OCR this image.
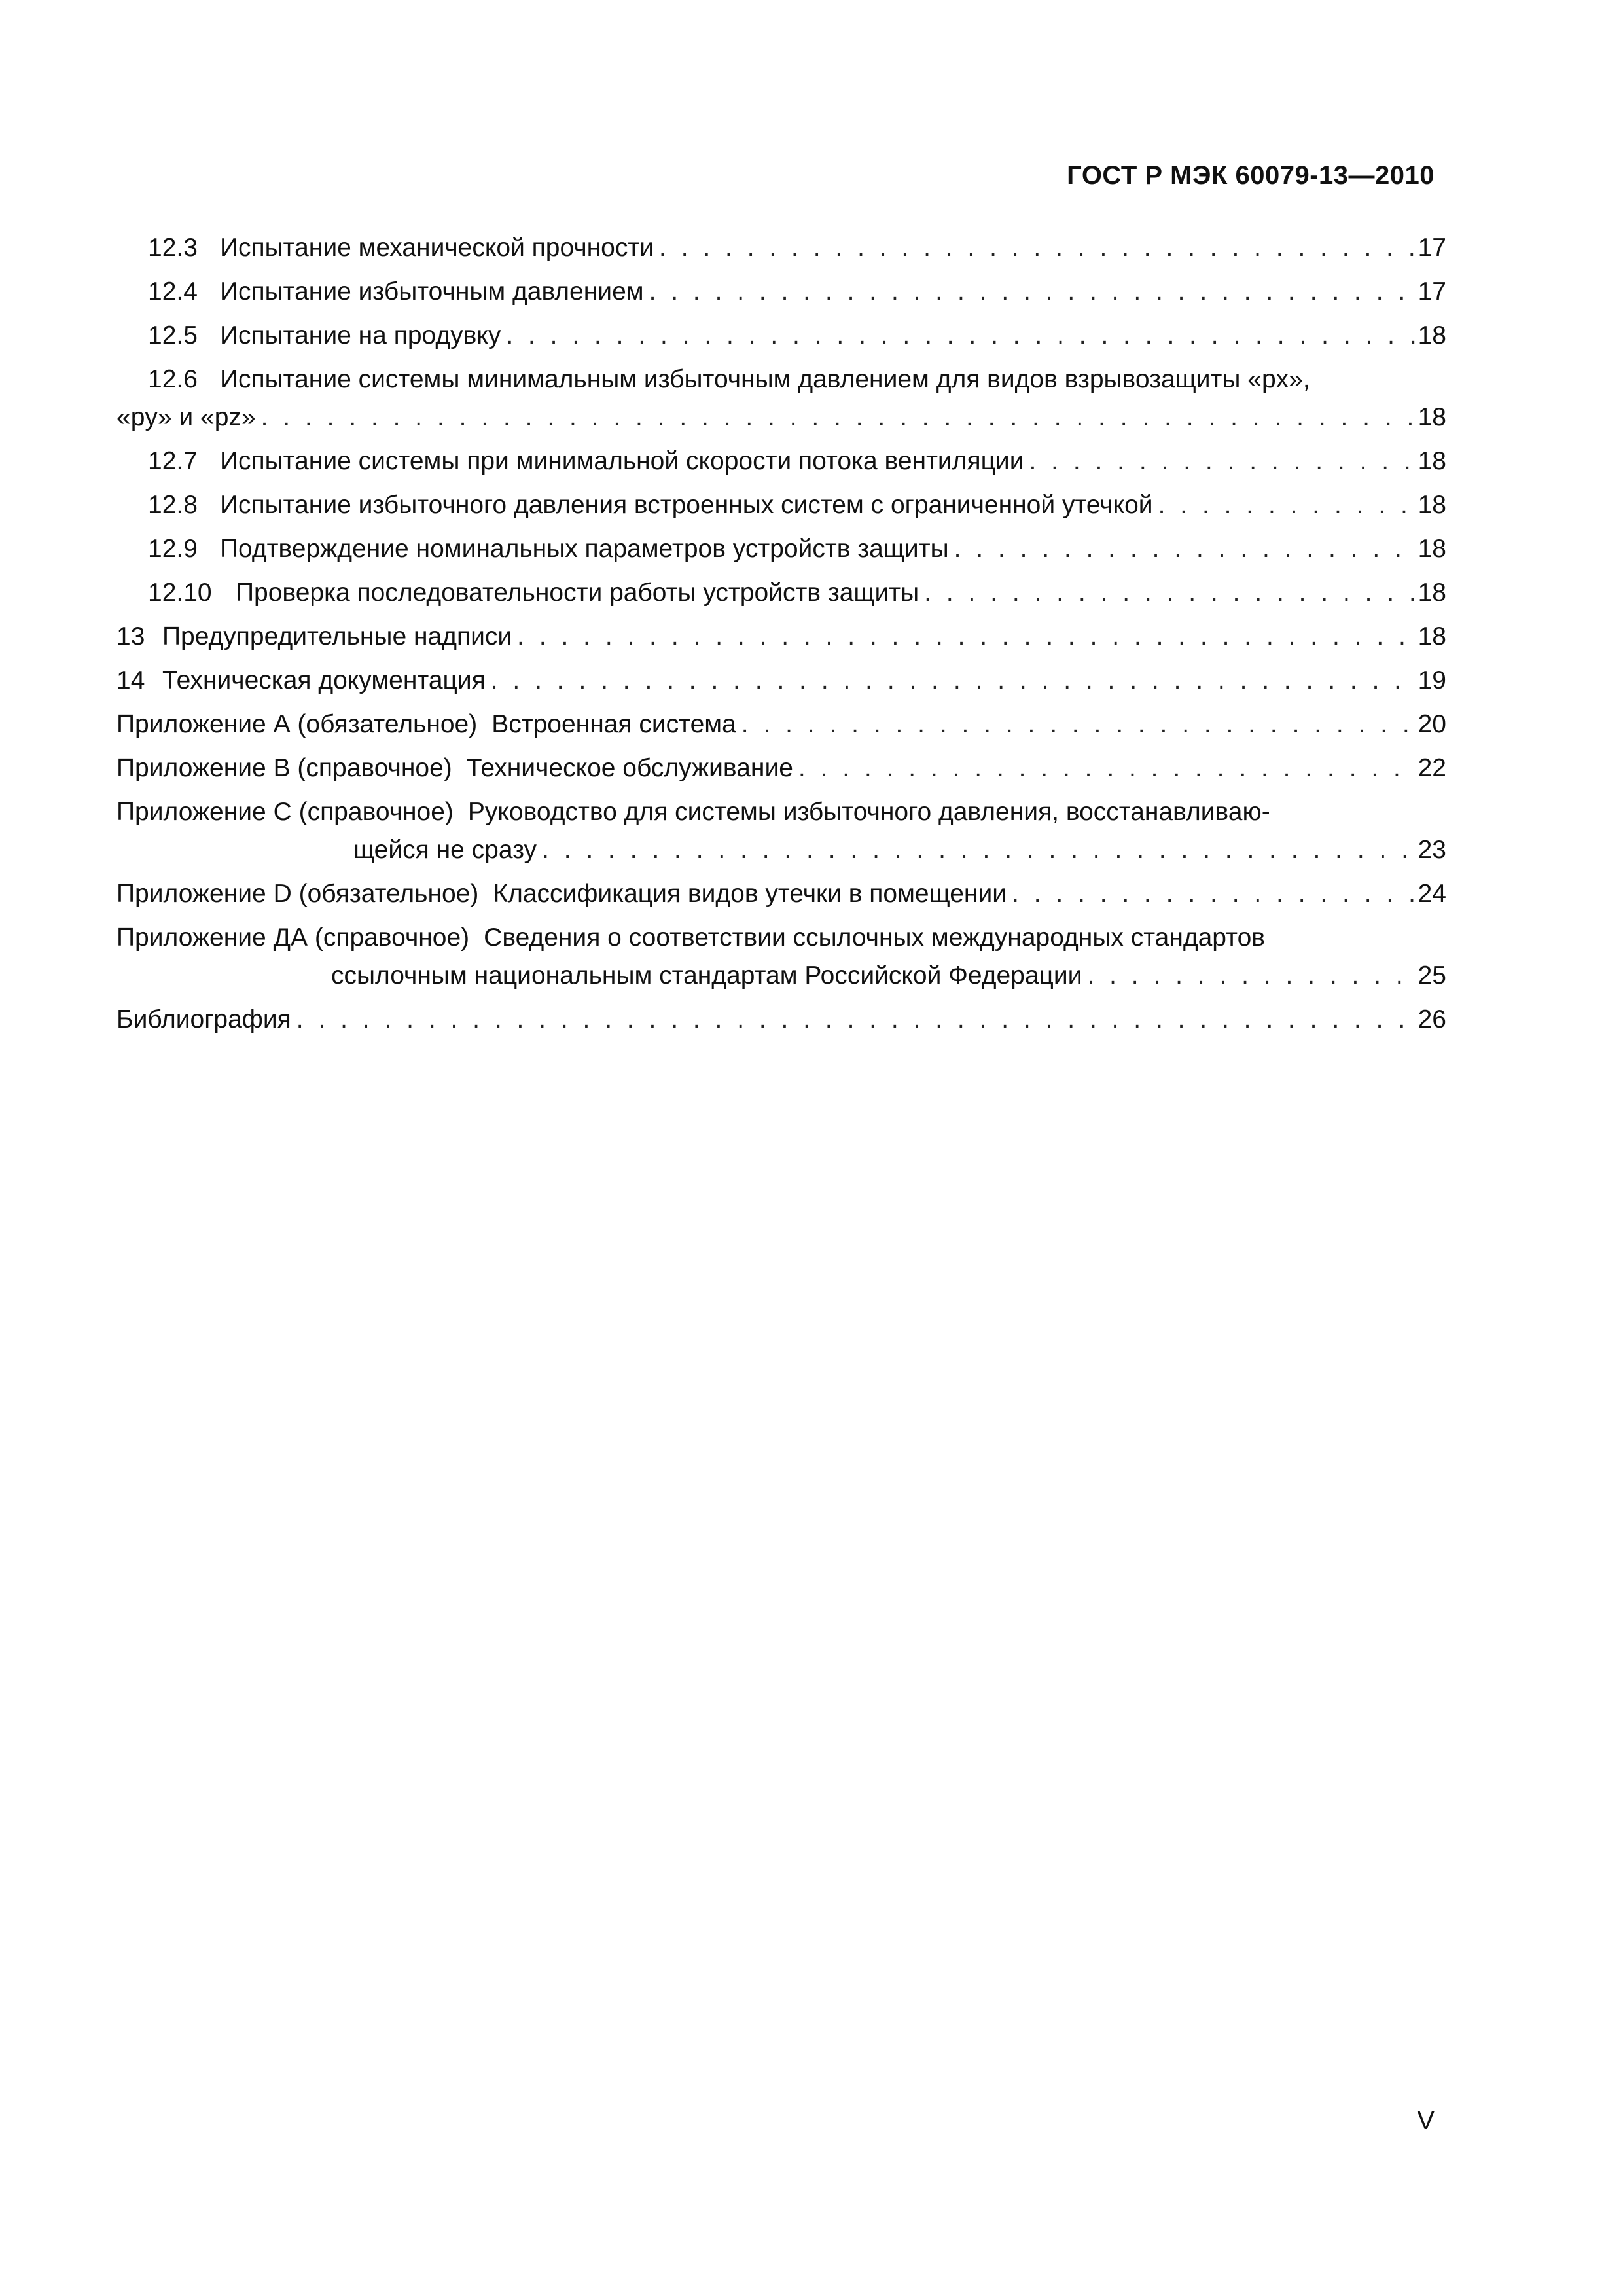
ГОСТ Р МЭК 60079-13—2010
12.3 Испытание механической прочности . . .	17
12.4 Испытание избыточным давлением . . .	17
12.5 Испытание на продувку . . .	18
12.6 Испытание системы минимальным избыточным давлением для видов взрывозащиты «px»,
«py» и «pz» . . .	18
12.7 Испытание системы при минимальной скорости потока вентиляции . . .	18
12.8 Испытание избыточного давления встроенных систем с ограниченной утечкой . . .	18
12.9 Подтверждение номинальных параметров устройств защиты . . .	18
12.10 Проверка последовательности работы устройств защиты . . .	18
13 Предупредительные надписи . . .	18
14 Техническая документация . . .	19
Приложение А (обязательное) Встроенная система . . .	20
Приложение В (справочное) Техническое обслуживание . . .	22
Приложение С (справочное) Руководство для системы избыточного давления, восстанавливаю-
щейся не сразу . . .	23
Приложение D (обязательное) Классификация видов утечки в помещении . . .	24
Приложение ДА (справочное) Сведения о соответствии ссылочных международных стандартов
ссылочным национальным стандартам Российской Федерации . . .	25
Библиография . . .	26
V
